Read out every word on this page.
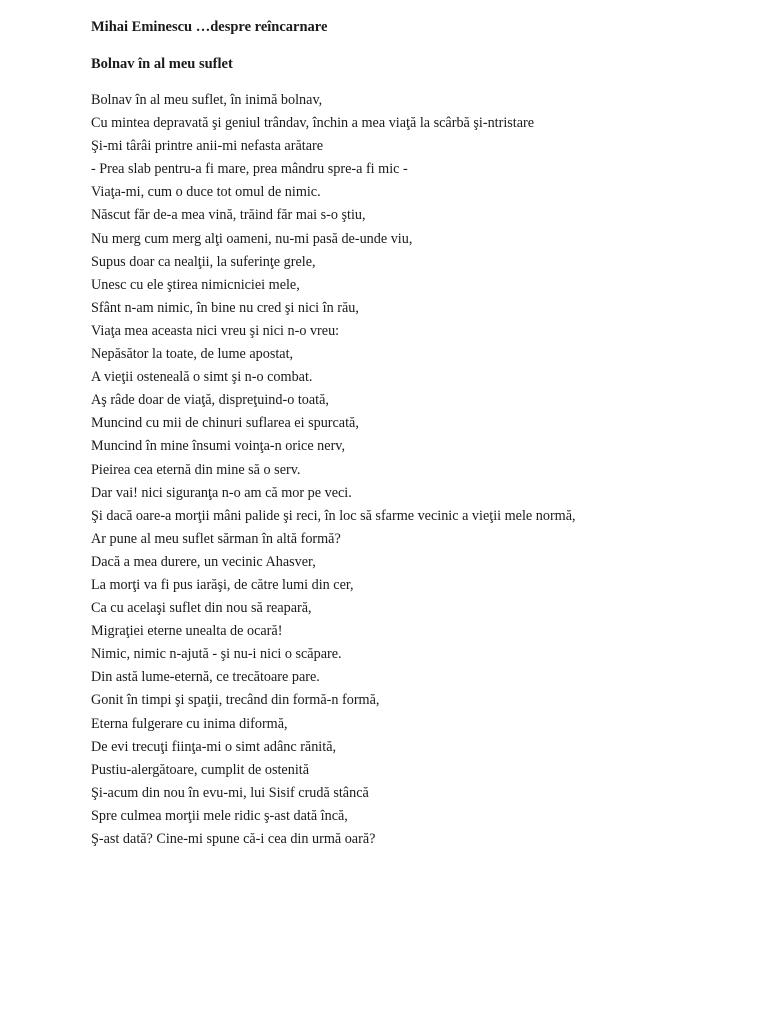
Mihai Eminescu …despre reîncarnare
Bolnav în al meu suflet
Bolnav în al meu suflet, în inimă bolnav,
Cu mintea depravată şi geniul trândav, închin a mea viaţă la scârbă şi-ntristare
Şi-mi târâi printre anii-mi nefasta arătare
- Prea slab pentru-a fi mare, prea mândru spre-a fi mic -
Viaţa-mi, cum o duce tot omul de nimic.
Născut făr de-a mea vină, trăind făr mai s-o ştiu,
Nu merg cum merg alţi oameni, nu-mi pasă de-unde viu,
Supus doar ca nealţii, la suferinţe grele,
Unesc cu ele ştirea nimicniciei mele,
Sfânt n-am nimic, în bine nu cred şi nici în rău,
Viaţa mea aceasta nici vreu şi nici n-o vreu:
Nepăsător la toate, de lume apostat,
A vieţii osteneală o simt şi n-o combat.
Aş râde doar de viaţă, dispreţuind-o toată,
Muncind cu mii de chinuri suflarea ei spurcată,
Muncind în mine însumi voinţa-n orice nerv,
Pieirea cea eternă din mine să o serv.
Dar vai! nici siguranţa n-o am că mor pe veci.
Şi dacă oare-a morţii mâni palide şi reci, în loc să sfarme vecinic a vieţii mele normă,
Ar pune al meu suflet sărman în altă formă?
Dacă a mea durere, un vecinic Ahasver,
La morţi va fi pus iarăşi, de către lumi din cer,
Ca cu acelaşi suflet din nou să reapară,
Migraţiei eterne unealta de ocară!
Nimic, nimic n-ajută - şi nu-i nici o scăpare.
Din astă lume-eternă, ce trecătoare pare.
Gonit în timpi şi spaţii, trecând din formă-n formă,
Eterna fulgerare cu inima diformă,
De evi trecuţi fiinţa-mi o simt adânc rănită,
Pustiu-alergătoare, cumplit de ostenită
Şi-acum din nou în evu-mi, lui Sisif crudă stâncă
Spre culmea morţii mele ridic ş-ast dată încă,
Ş-ast dată? Cine-mi spune că-i cea din urmă oară?
